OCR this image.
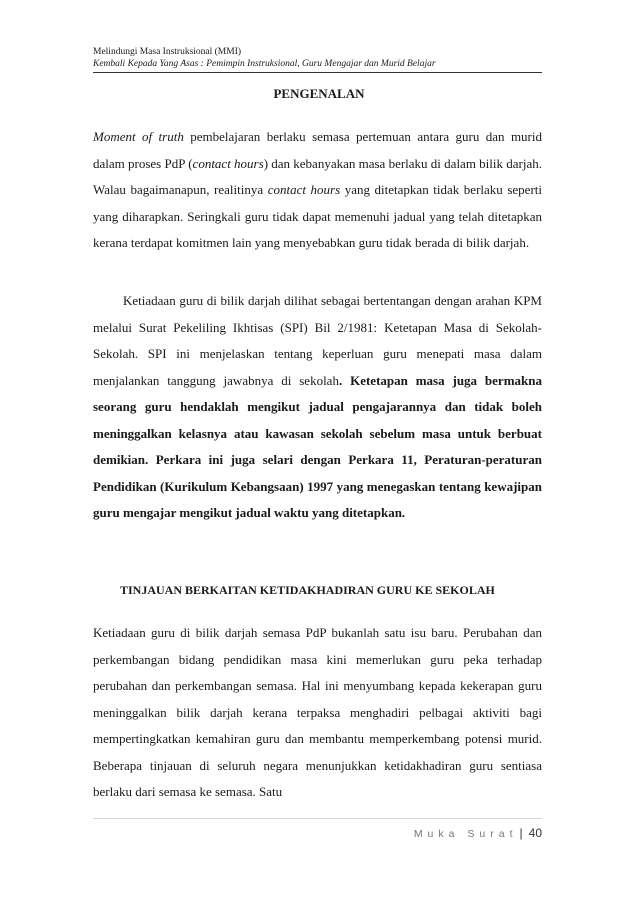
Melindungi Masa Instruksional (MMI)
Kembali Kepada Yang Asas : Pemimpin Instruksional, Guru Mengajar dan Murid Belajar
PENGENALAN

Moment of truth pembelajaran berlaku semasa pertemuan antara guru dan murid dalam proses PdP (contact hours) dan kebanyakan masa berlaku di dalam bilik darjah. Walau bagaimanapun, realitinya contact hours yang ditetapkan tidak berlaku seperti yang diharapkan. Seringkali guru tidak dapat memenuhi jadual yang telah ditetapkan kerana terdapat komitmen lain yang menyebabkan guru tidak berada di bilik darjah.

Ketiadaan guru di bilik darjah dilihat sebagai bertentangan dengan arahan KPM melalui Surat Pekeliling Ikhtisas (SPI) Bil 2/1981: Ketetapan Masa di Sekolah-Sekolah. SPI ini menjelaskan tentang keperluan guru menepati masa dalam menjalankan tanggung jawabnya di sekolah. Ketetapan masa juga bermakna seorang guru hendaklah mengikut jadual pengajarannya dan tidak boleh meninggalkan kelasnya atau kawasan sekolah sebelum masa untuk berbuat demikian. Perkara ini juga selari dengan Perkara 11, Peraturan-peraturan Pendidikan (Kurikulum Kebangsaan) 1997 yang menegaskan tentang kewajipan guru mengajar mengikut jadual waktu yang ditetapkan.

TINJAUAN BERKAITAN KETIDAKHADIRAN GURU KE SEKOLAH

Ketiadaan guru di bilik darjah semasa PdP bukanlah satu isu baru. Perubahan dan perkembangan bidang pendidikan masa kini memerlukan guru peka terhadap perubahan dan perkembangan semasa. Hal ini menyumbang kepada kekerapan guru meninggalkan bilik darjah kerana terpaksa menghadiri pelbagai aktiviti bagi mempertingkatkan kemahiran guru dan membantu memperkembang potensi murid. Beberapa tinjauan di seluruh negara menunjukkan ketidakhadiran guru sentiasa berlaku dari semasa ke semasa. Satu

Muka Surat | 40
